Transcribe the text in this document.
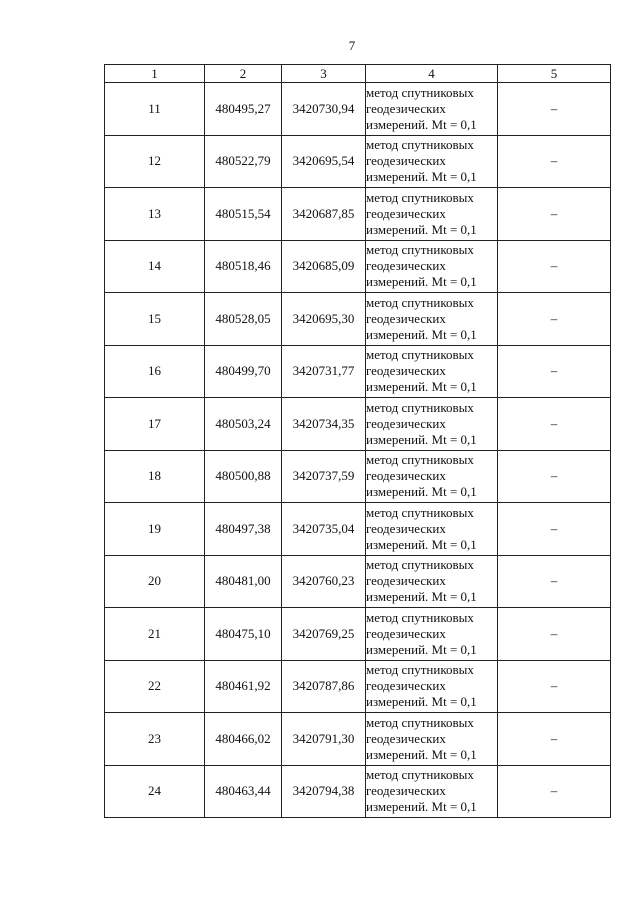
7
1	2	3	4	5
11	480495,27	3420730,94	метод спутниковых
геодезических
измерений. Mt = 0,1	–
12	480522,79	3420695,54	метод спутниковых
геодезических
измерений. Mt = 0,1	–
13	480515,54	3420687,85	метод спутниковых
геодезических
измерений. Mt = 0,1	–
14	480518,46	3420685,09	метод спутниковых
геодезических
измерений. Mt = 0,1	–
15	480528,05	3420695,30	метод спутниковых
геодезических
измерений. Mt = 0,1	–
16	480499,70	3420731,77	метод спутниковых
геодезических
измерений. Mt = 0,1	–
17	480503,24	3420734,35	метод спутниковых
геодезических
измерений. Mt = 0,1	–
18	480500,88	3420737,59	метод спутниковых
геодезических
измерений. Mt = 0,1	–
19	480497,38	3420735,04	метод спутниковых
геодезических
измерений. Mt = 0,1	–
20	480481,00	3420760,23	метод спутниковых
геодезических
измерений. Mt = 0,1	–
21	480475,10	3420769,25	метод спутниковых
геодезических
измерений. Mt = 0,1	–
22	480461,92	3420787,86	метод спутниковых
геодезических
измерений. Mt = 0,1	–
23	480466,02	3420791,30	метод спутниковых
геодезических
измерений. Mt = 0,1	–
24	480463,44	3420794,38	метод спутниковых
геодезических
измерений. Mt = 0,1	–
